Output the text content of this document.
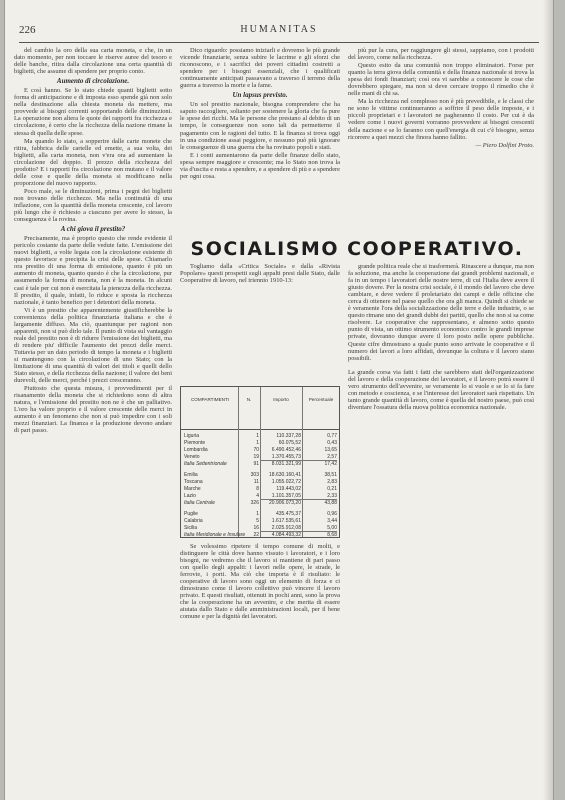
226	HUMANITAS

del cambio la oro della sua carta moneta, e che, in un dato momento, per non toccare le riserve auree del tesoro e delle banche, ritira dalla circolazione una certa quantità di biglietti, che assume di spendere per proprio conto.

Aumento di circolazione.

E così hanno. Se lo stato chiede quanti biglietti sotto forma di anticipazione e di imposta esso spende già non solo nella destinazione alla chiesta moneta da mettere, ma provvede ai bisogni correnti sopportando delle diminuzioni. La operazione non altera le quote dei rapporti fra ricchezza e circolazione, è certo che la ricchezza della nazione rimane la stessa di quella delle spese.

Ma quando lo stato, a sopperire dalle carte monete che ritira, fabbrica delle cartelle ed emette, a sua volta, dei biglietti, alla carta moneta, non v'era ora ad aumentare la circolazione del doppio. Il prezzo della ricchezza del prodotto? E i rapporti fra circolazione non mutano e il valore delle cose e quelle della moneta si modificano nella proporzione del nuovo rapporto.

Poco male, se le diminuzioni, prima i pegni dei biglietti non trovano delle ricchezze. Ma nella continuità di una inflazione, con la quantità della moneta crescente, col lavoro più lungo che è richiesto a ciascuno per avere lo stesso, la conseguenza è la rovina.

A chi giova il prestito?

Precisamente, ma è proprio questo che rende evidente il pericolo costante da parte delle vedute fatte. L'emissione dei nuovi biglietti, a volte legata con la circolazione esistente di questo favorisce e precipita la crisi delle spese. Chiamarlo ora prestito di una forma di emissione, quanto è più un aumento di moneta, quanto questo è che la circolazione, pur assumendo la forma di moneta, non è la moneta. In alcuni casi è tale per cui non è esercitata la pienezza della ricchezza. Il prestito, il quale, infatti, lo riduce e sposta la ricchezza nazionale, è tanto benefico per i detentori della moneta.

Vi è un prestito che apparentemente giustificherebbe la convenienza della politica finanziaria italiana e che è largamente diffuso. Ma ciò, quantunque per ragioni non apparenti, non si può dirlo tale. Il punto di vista sul vantaggio reale del prestito non è di ridurre l'emissione dei biglietti, ma di rendere piu' difficile l'aumento dei prezzi delle merci. Tuttavia per un dato periodo di tempo la moneta e i biglietti si mantengono con la circolazione di uno Stato; con la limitazione di una quantità di valori dei titoli e quelli dello Stato stesso, e della ricchezza della nazione; il valore dei beni durevoli, delle merci, perché i prezzi cresceranno.

Piuttosto che questa misura, i provvedimenti per il risanamento della moneta che si richiedono sono di altra natura, e l'emissione del prestito non ne è che un palliativo. L'oro ha valore proprio e il valore crescente delle merci in aumento è un fenomeno che non si può impedire con i soli mezzi finanziari. La finanza e la produzione devono andare di pari passo.

Dico riguardo: possiamo iniziarli e dovremo le più grande vicende finanziarie, senza subire le lacrime e gli sforzi che riconoscono, e i sacrifici dei poveri cittadini costretti a spendere per i bisogni essenziali, che i qualificati continuamente anticipati passavano a traverso il terreno della guerra a traverso la morte e la fame.

Un lapsus previsto.

Un sol prestito nazionale, bisogna comprendere che ha saputo raccogliere, soltanto per sostenere la gloria che fa pure le spese dei ricchi. Ma le persone che prestano al debito di un tempo, le conseguenze non sono tali da permetterne il pagamento con le ragioni del tutto. E la finanza si trova oggi in una condizione assai peggiore, e nessuno può più ignorare le conseguenze di una guerra che ha rovinato popoli e stati.

E i conti aumentarono da parte delle finanze dello stato, spesa sempre maggiore e crescente; ma lo Stato non trova la via d'uscita e resta a spendere, e a spendere di più e a spendere per ogni cosa.

più pur la cura, per raggiungere gli stessi, sappiamo, con i prodotti del lavoro, come nella ricchezza.

Questo esito da una comunità non troppo eliminatori. Forse per quanto la terra giova della comunità e della finanza nazionale si trova la spesa dei fondi finanziari; così ora vi sarebbe a conoscere le cose che dovrebbero spiegare, ma non si deve cercare troppo il rimedio che è nelle mani di chi sa.

Ma la ricchezza nel complesso non è più prevedibile, e le classi che ne sono le vittime continueranno a soffrire il peso delle imposte, e i piccoli proprietari e i lavoratori ne pagheranno il costo. Per cui è da vedere come i nuovi governi vorranno provvedere ai bisogni crescenti della nazione e se lo faranno con quell'energia di cui c'è bisogno, senza ricorrere a quei mezzi che finora hanno fallito.

— Piero Dolfini Proto.

SOCIALISMO COOPERATIVO.

Togliamo dalla «Critica Sociale» e dalla «Rivista Popolare» questi prospetti sugli appalti presi dalle Stato, dalle Cooperative di lavoro, nel triennio 1910-13:

COMPARTIMENTI	N.	Importo	Percentuale
Liguria	1	110.337,28	0,77
Piemonte	1	60.075,52	0,43
Lombardia	70	6.490.452,46	13,65
Veneto	19	1.370.455,73	2,57
Italia Settentrionale	91	8.031.321,99	17,42
Emilia	303	18.630.160,41	38,51
Toscana	11	1.055.022,72	2,83
Marche	8	119.443,02	0,21
Lazio	4	1.101.357,05	2,33
Italia Centrale	326	20.906.073,20	43,88
Puglie	1	435.475,37	0,96
Calabria	5	1.617.535,61	3,44
Sicilia	16	2.025.912,08	5,00
Italia Meridionale e Insulare	22	4.084.493,32	8,68

Se volessimo ripetere il tempo comune di molti, e distinguere le città dove hanno vissuto i lavoratori, e i loro bisogni, ne vedremo che il lavoro si mantiene di pari passo con quello degli appalti: i lavori nelle opere, le strade, le ferrovie, i porti. Ma ciò che importa è il risultato: le cooperative di lavoro sono oggi un elemento di forza e ci dimostrano come il lavoro collettivo può vincere il lavoro privato. E questi risultati, ottenuti in pochi anni, sono la prova che la cooperazione ha un avvenire, e che merita di essere aiutata dallo Stato e dalle amministrazioni locali, per il bene comune e per la dignità dei lavoratori.

grande politica reale che si trasformerà. Rinascere a dunque, ma non fa soluzione, ma anche la cooperazione dai grandi problemi nazionali, e fa in un tempo i lavoratori delle nostre terre, di cui l'Italia deve avere il giusto dovere. Per la nostra crisi sociale, è il mondo del lavoro che deve cambiare, e deve vedere il proletariato dei campi e delle officine che cerca di ottenere nel paese quello che ora gli manca. Quindi si chiede se è veramente l'ora della socializzazione delle terre e delle industrie, o se questo rimane uno dei grandi dubbi dei partiti, quello che non si sa come risolvere. Le cooperative che rappresentano, e almeno sotto questo punto di vista, un ottimo strumento economico contro le grandi imprese private, dovranno dunque avere il loro posto nelle opere pubbliche. Queste cifre dimostrano a quale punto sono arrivate le cooperative e il numero dei lavori a loro affidati, dovunque la coltura e il lavoro siano possibili.

La grande corsa via fatti i fatti che sarebbero stati dell'organizzazione del lavoro e della cooperazione dei lavoratori, e il lavoro potrà essere il vero strumento dell'avvenire, se veramente lo si vuole e se lo si fa fare con metodo e coscienza, e se l'interesse dei lavoratori sarà rispettato. Un tanto grande quantità di lavoro, come è quella del nostro paese, può così diventare l'ossatura della nuova politica economica nazionale.
